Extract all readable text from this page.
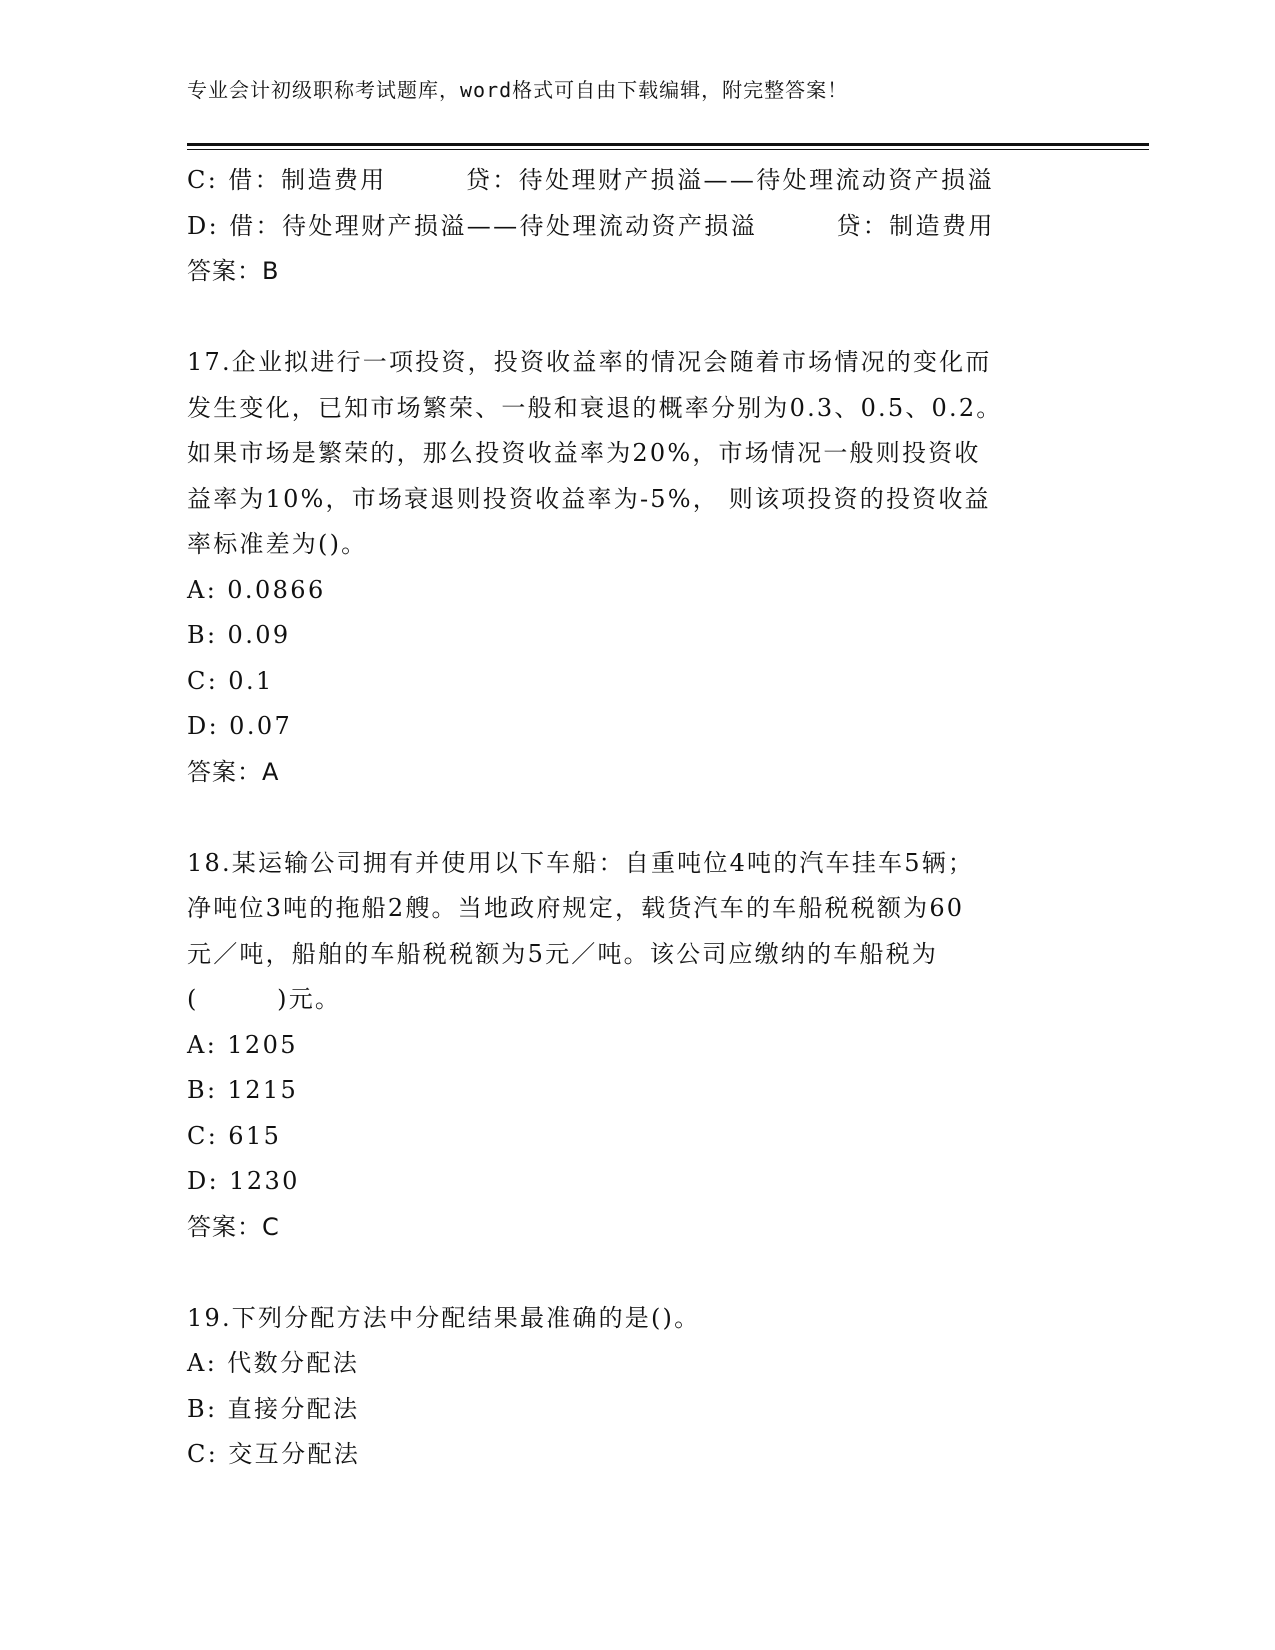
专业会计初级职称考试题库，word格式可自由下载编辑，附完整答案！
C: 借：制造费用　　　贷：待处理财产损溢——待处理流动资产损溢
D: 借：待处理财产损溢——待处理流动资产损溢　　　贷：制造费用
答案：B
17.企业拟进行一项投资，投资收益率的情况会随着市场情况的变化而
发生变化，已知市场繁荣、一般和衰退的概率分别为0.3、0.5、0.2。
如果市场是繁荣的，那么投资收益率为20%，市场情况一般则投资收
益率为10%，市场衰退则投资收益率为-5%， 则该项投资的投资收益
率标准差为()。
A: 0.0866
B: 0.09
C: 0.1
D: 0.07
答案：A
18.某运输公司拥有并使用以下车船：自重吨位4吨的汽车挂车5辆；
净吨位3吨的拖船2艘。当地政府规定，载货汽车的车船税税额为60
元／吨，船舶的车船税税额为5元／吨。该公司应缴纳的车船税为
(　　　)元。
A: 1205
B: 1215
C: 615
D: 1230
答案：C
19.下列分配方法中分配结果最准确的是()。
A: 代数分配法
B: 直接分配法
C: 交互分配法
